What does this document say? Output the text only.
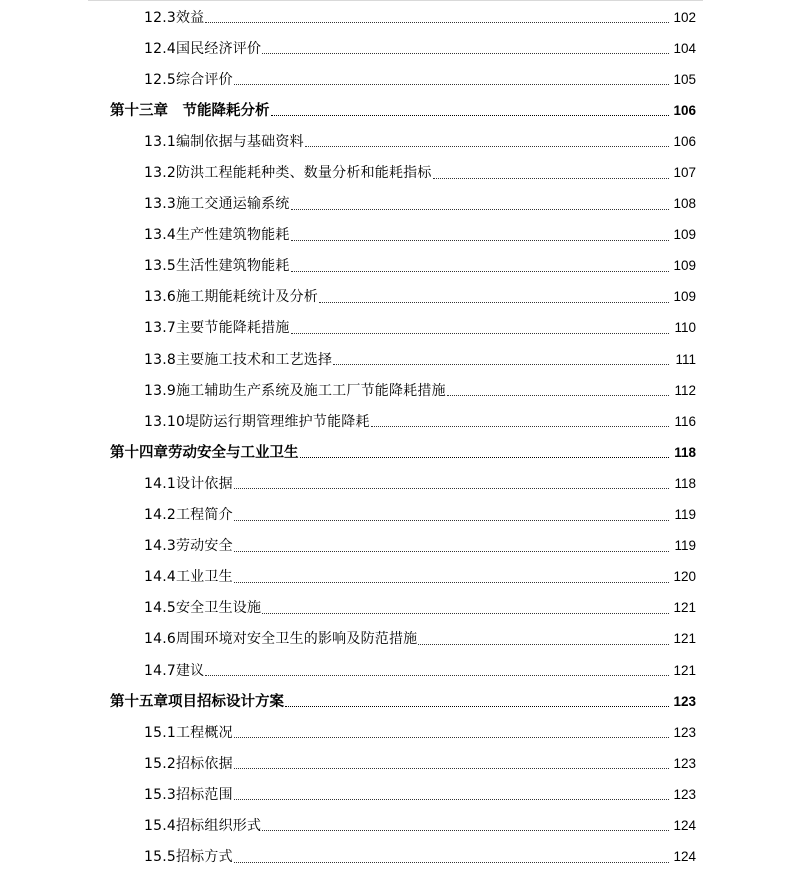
12.3效益	102
12.4国民经济评价	104
12.5综合评价	105
第十三章　节能降耗分析	106
13.1编制依据与基础资料	106
13.2防洪工程能耗种类、数量分析和能耗指标	107
13.3施工交通运输系统	108
13.4生产性建筑物能耗	109
13.5生活性建筑物能耗	109
13.6施工期能耗统计及分析	109
13.7主要节能降耗措施	110
13.8主要施工技术和工艺选择	111
13.9施工辅助生产系统及施工工厂节能降耗措施	112
13.10堤防运行期管理维护节能降耗	116
第十四章劳动安全与工业卫生	118
14.1设计依据	118
14.2工程简介	119
14.3劳动安全	119
14.4工业卫生	120
14.5安全卫生设施	121
14.6周围环境对安全卫生的影响及防范措施	121
14.7建议	121
第十五章项目招标设计方案	123
15.1工程概况	123
15.2招标依据	123
15.3招标范围	123
15.4招标组织形式	124
15.5招标方式	124
